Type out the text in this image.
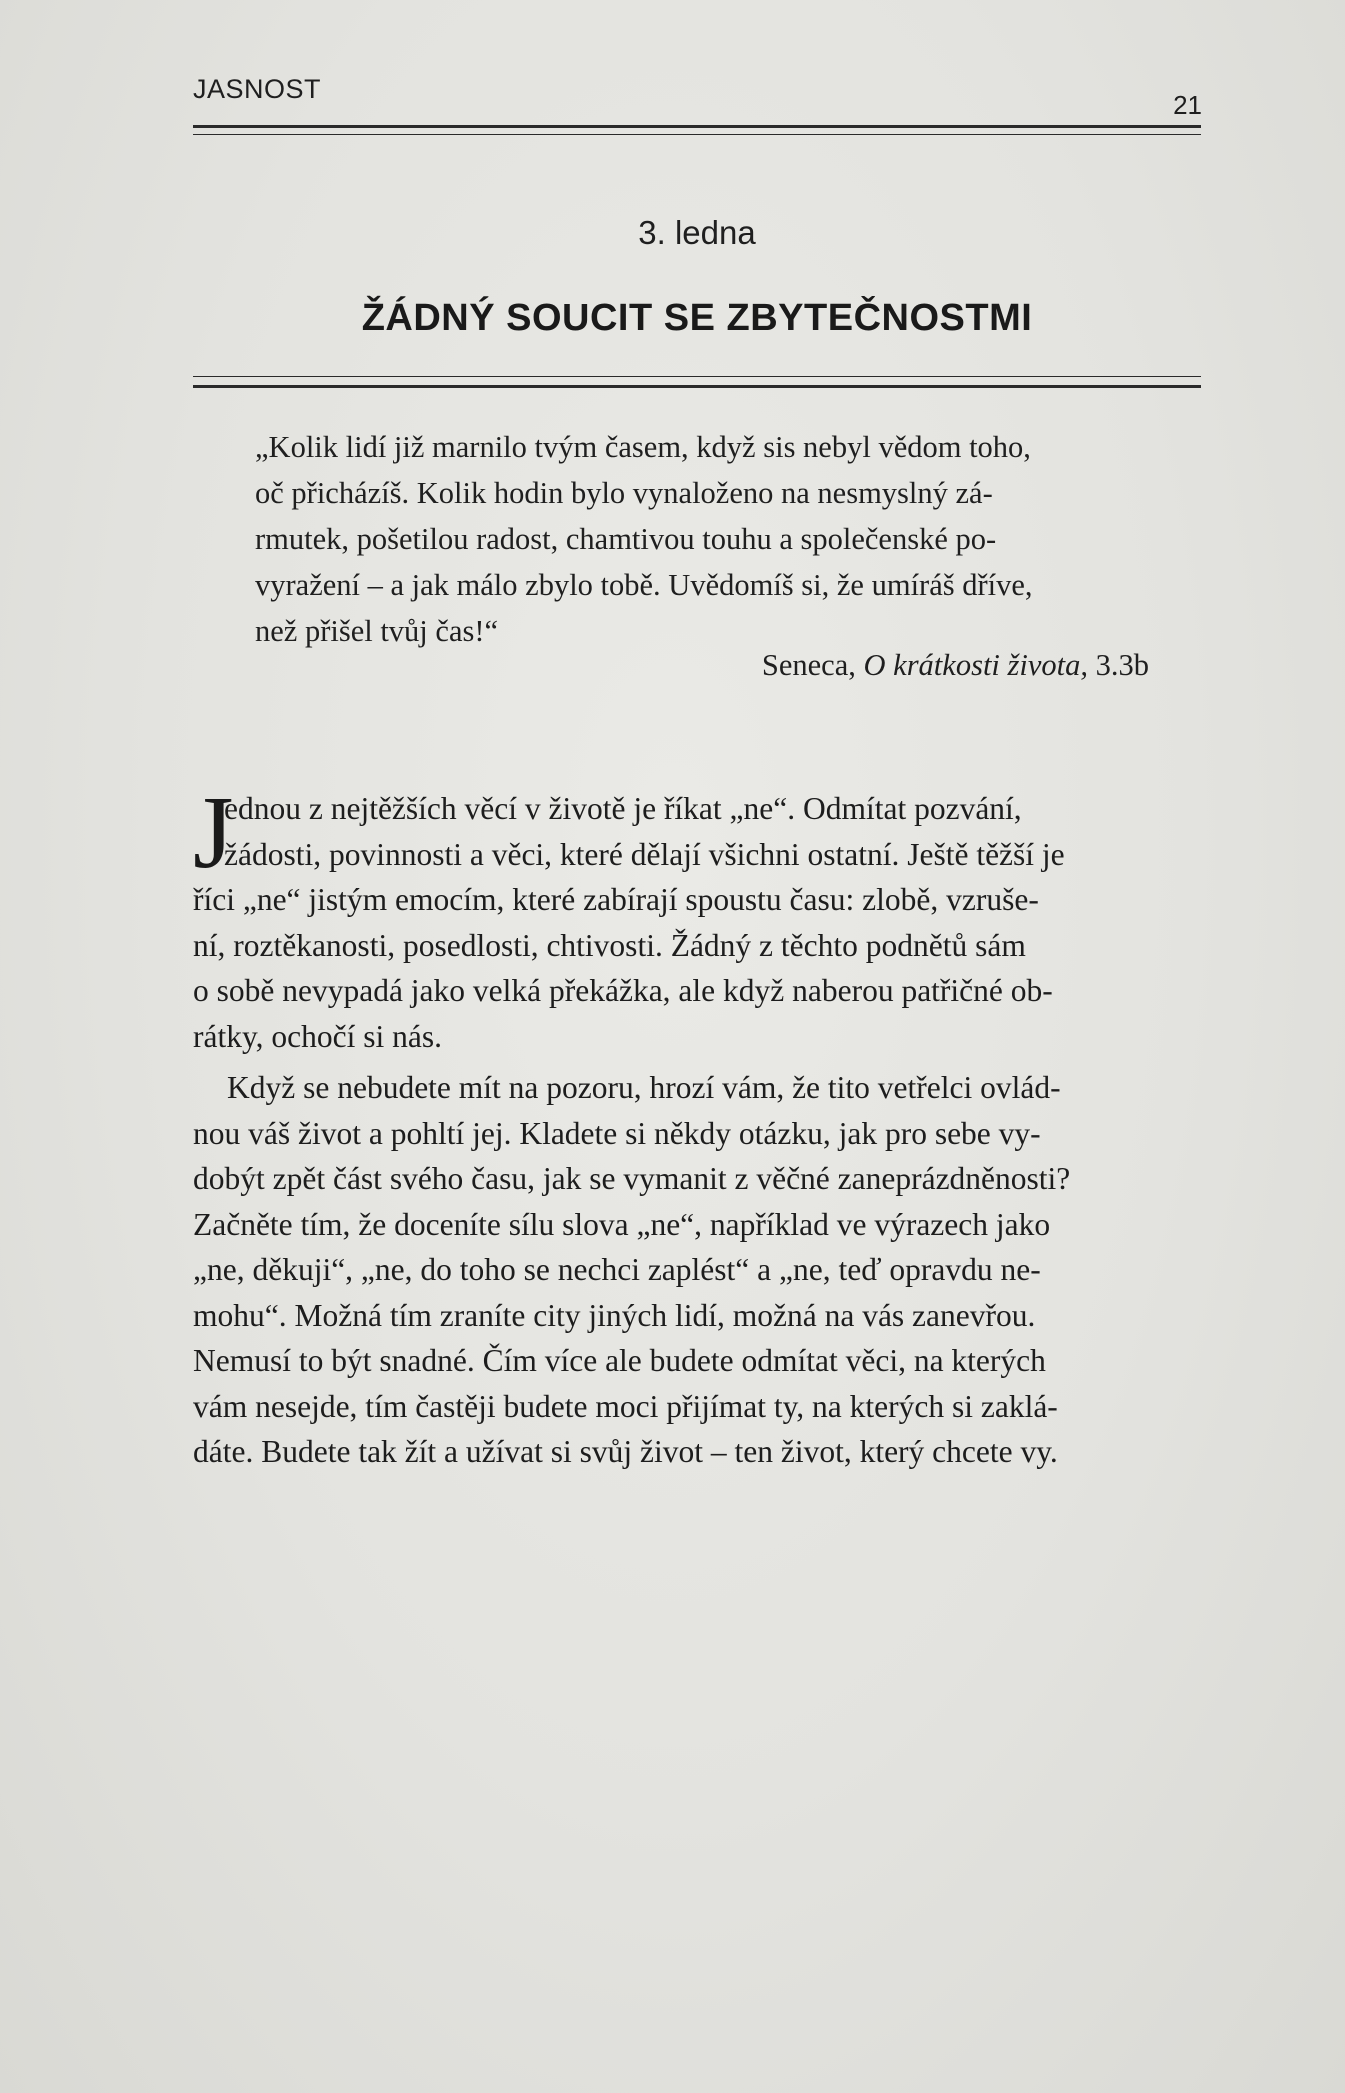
JASNOST
21
3. ledna
ŽÁDNÝ SOUCIT SE ZBYTEČNOSTMI
„Kolik lidí již marnilo tvým časem, když sis nebyl vědom toho,
oč přicházíš. Kolik hodin bylo vynaloženo na nesmyslný zá-
rmutek, pošetilou radost, chamtivou touhu a společenské po-
vyražení – a jak málo zbylo tobě. Uvědomíš si, že umíráš dříve,
než přišel tvůj čas!“
Seneca, O krátkosti života, 3.3b
J
ednou z nejtěžších věcí v životě je říkat „ne“. Odmítat pozvání,
žádosti, povinnosti a věci, které dělají všichni ostatní. Ještě těžší je
říci „ne“ jistým emocím, které zabírají spoustu času: zlobě, vzruše-
ní, roztěkanosti, posedlosti, chtivosti. Žádný z těchto podnětů sám
o sobě nevypadá jako velká překážka, ale když naberou patřičné ob-
rátky, ochočí si nás.
Když se nebudete mít na pozoru, hrozí vám, že tito vetřelci ovlád-
nou váš život a pohltí jej. Kladete si někdy otázku, jak pro sebe vy-
dobýt zpět část svého času, jak se vymanit z věčné zaneprázdněnosti?
Začněte tím, že doceníte sílu slova „ne“, například ve výrazech jako
„ne, děkuji“, „ne, do toho se nechci zaplést“ a „ne, teď opravdu ne-
mohu“. Možná tím zraníte city jiných lidí, možná na vás zanevřou.
Nemusí to být snadné. Čím více ale budete odmítat věci, na kterých
vám nesejde, tím častěji budete moci přijímat ty, na kterých si zaklá-
dáte. Budete tak žít a užívat si svůj život – ten život, který chcete vy.
